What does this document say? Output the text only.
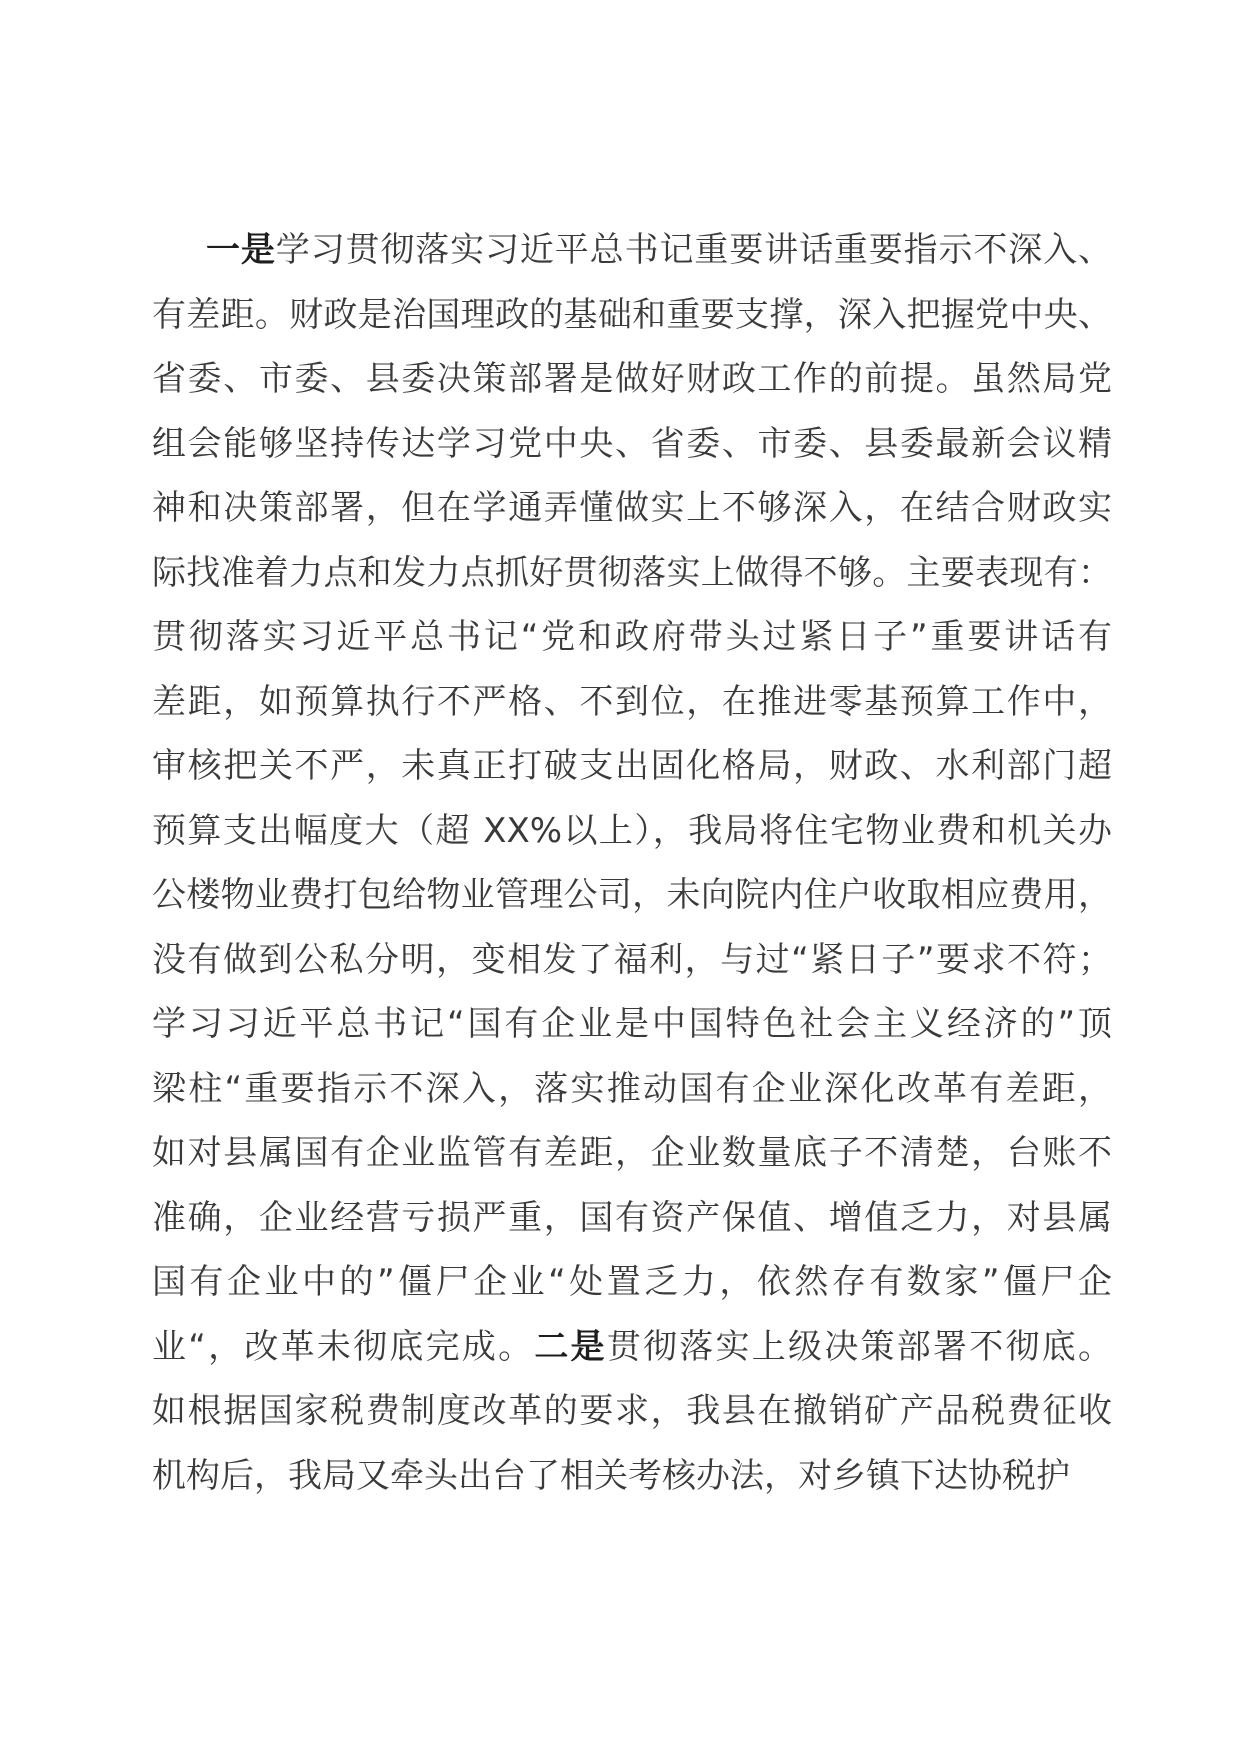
一是学习贯彻落实习近平总书记重要讲话重要指示不深入、
有差距。财政是治国理政的基础和重要支撑，深入把握党中央、
省委、市委、县委决策部署是做好财政工作的前提。虽然局党
组会能够坚持传达学习党中央、省委、市委、县委最新会议精
神和决策部署，但在学通弄懂做实上不够深入，在结合财政实
际找准着力点和发力点抓好贯彻落实上做得不够。主要表现有：
贯彻落实习近平总书记“党和政府带头过紧日子”重要讲话有
差距，如预算执行不严格、不到位，在推进零基预算工作中，
审核把关不严，未真正打破支出固化格局，财政、水利部门超
预算支出幅度大（超 XX%以上），我局将住宅物业费和机关办
公楼物业费打包给物业管理公司，未向院内住户收取相应费用，
没有做到公私分明，变相发了福利，与过“紧日子”要求不符；
学习习近平总书记“国有企业是中国特色社会主义经济的”顶
梁柱“重要指示不深入，落实推动国有企业深化改革有差距，
如对县属国有企业监管有差距，企业数量底子不清楚，台账不
准确，企业经营亏损严重，国有资产保值、增值乏力，对县属
国有企业中的”僵尸企业“处置乏力，依然存有数家”僵尸企
业“，改革未彻底完成。二是贯彻落实上级决策部署不彻底。
如根据国家税费制度改革的要求，我县在撤销矿产品税费征收
机构后，我局又牵头出台了相关考核办法，对乡镇下达协税护
